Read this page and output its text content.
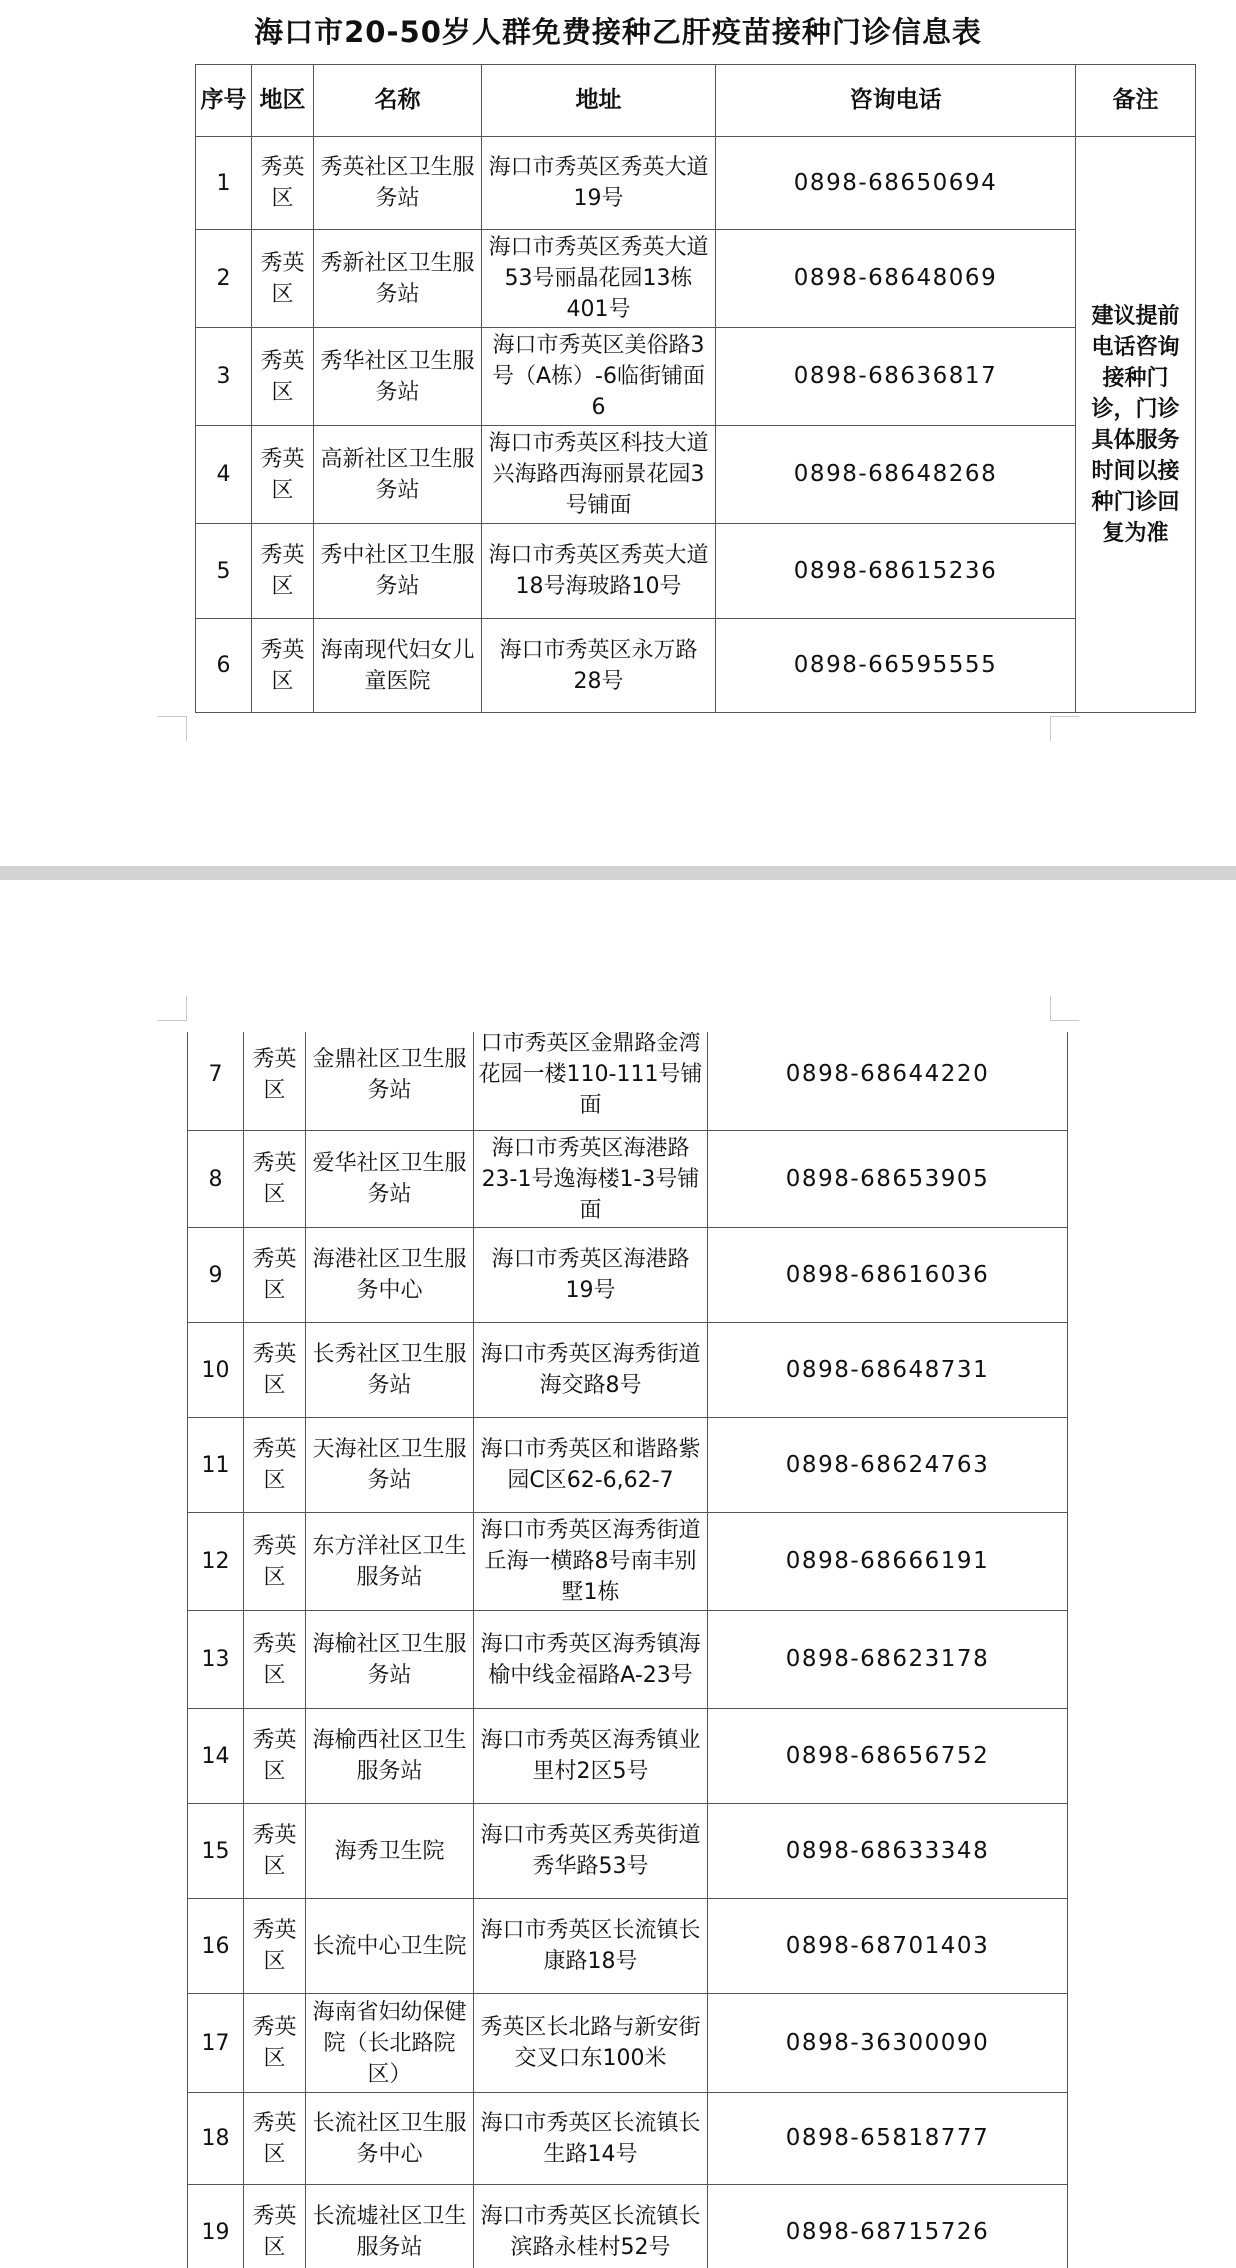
海口市20-50岁人群免费接种乙肝疫苗接种门诊信息表
序号	地区	名称	地址	咨询电话	备注
1	秀英区	秀英社区卫生服务站	海口市秀英区秀英大道19号	0898-68650694	建议提前电话咨询接种门诊，门诊具体服务时间以接种门诊回复为准
2	秀英区	秀新社区卫生服务站	海口市秀英区秀英大道53号丽晶花园13栋401号	0898-68648069	
3	秀英区	秀华社区卫生服务站	海口市秀英区美俗路3号（A栋）-6临街铺面6	0898-68636817	
4	秀英区	高新社区卫生服务站	海口市秀英区科技大道兴海路西海丽景花园3号铺面	0898-68648268	
5	秀英区	秀中社区卫生服务站	海口市秀英区秀英大道18号海玻路10号	0898-68615236	
6	秀英区	海南现代妇女儿童医院	海口市秀英区永万路28号	0898-66595555	
7	秀英区	金鼎社区卫生服务站	口市秀英区金鼎路金湾花园一楼110-111号铺面	0898-68644220
8	秀英区	爱华社区卫生服务站	海口市秀英区海港路23-1号逸海楼1-3号铺面	0898-68653905
9	秀英区	海港社区卫生服务中心	海口市秀英区海港路19号	0898-68616036
10	秀英区	长秀社区卫生服务站	海口市秀英区海秀街道海交路8号	0898-68648731
11	秀英区	天海社区卫生服务站	海口市秀英区和谐路紫园C区62-6,62-7	0898-68624763
12	秀英区	东方洋社区卫生服务站	海口市秀英区海秀街道丘海一横路8号南丰别墅1栋	0898-68666191
13	秀英区	海榆社区卫生服务站	海口市秀英区海秀镇海榆中线金福路A-23号	0898-68623178
14	秀英区	海榆西社区卫生服务站	海口市秀英区海秀镇业里村2区5号	0898-68656752
15	秀英区	海秀卫生院	海口市秀英区秀英街道秀华路53号	0898-68633348
16	秀英区	长流中心卫生院	海口市秀英区长流镇长康路18号	0898-68701403
17	秀英区	海南省妇幼保健院（长北路院区）	秀英区长北路与新安街交叉口东100米	0898-36300090
18	秀英区	长流社区卫生服务中心	海口市秀英区长流镇长生路14号	0898-65818777
19	秀英区	长流墟社区卫生服务站	海口市秀英区长流镇长滨路永桂村52号	0898-68715726
